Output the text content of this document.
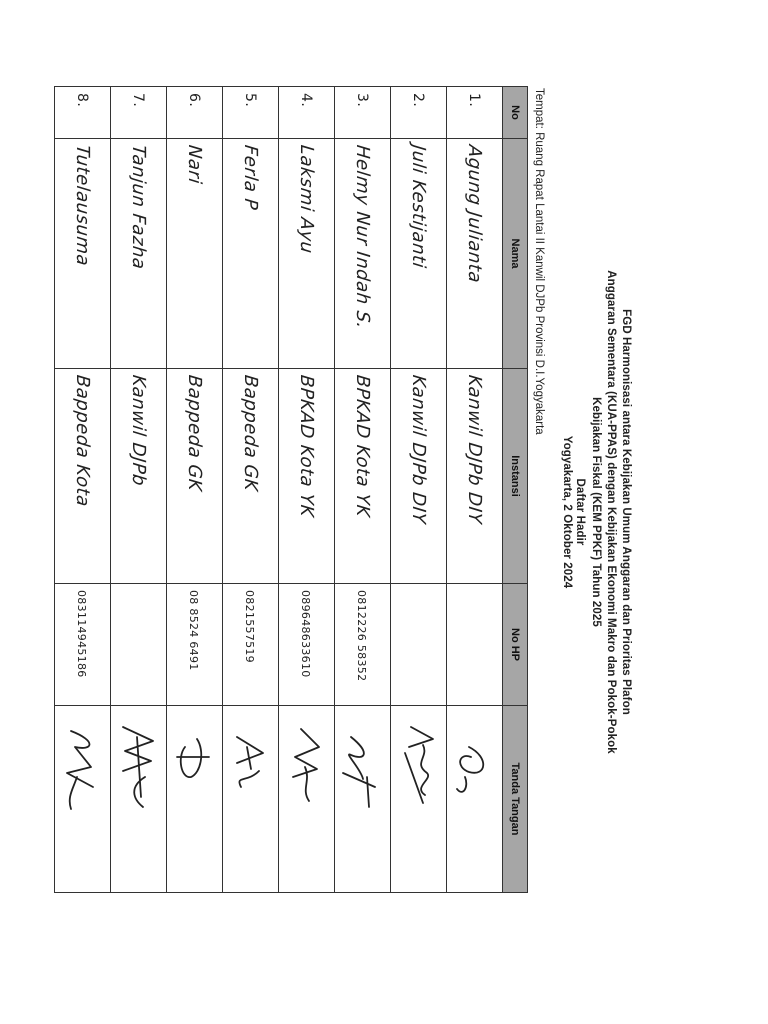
Daftar Hadir	FGD Harmonisasi antara Kebijakan Umum Anggaran dan Prioritas Plafon
Anggaran Sementara (KUA-PPAS) dengan Kebijakan Ekonomi Makro dan Pokok-Pokok
Kebijakan Fiskal (KEM PPKF) Tahun 2025
Yogyakarta, 2 Oktober 2024
Tempat: Ruang Rapat Lantai II Kanwil DJPb Provinsi D.I.Yogyakarta
No	Nama	Instansi	No HP	Tanda Tangan
1.	Agung Julianta	Kanwil DJPb DIY		

2.	Juli Kestijanti	Kanwil DJPb DIY		

3.	Helmy Nur Indah S.	BPKAD Kota YK	0812226 58352	

4.	Laksmi Ayu	BPKAD Kota YK	089648633610	

5.	Ferla P	Bappeda GK	0821557519	

6.	Nari	Bappeda GK	08 8524 6491	

7.	Tanjun Fazha	Kanwil DJPb		

8.	Tutelausuma	Bappeda Kota	083114945186	
